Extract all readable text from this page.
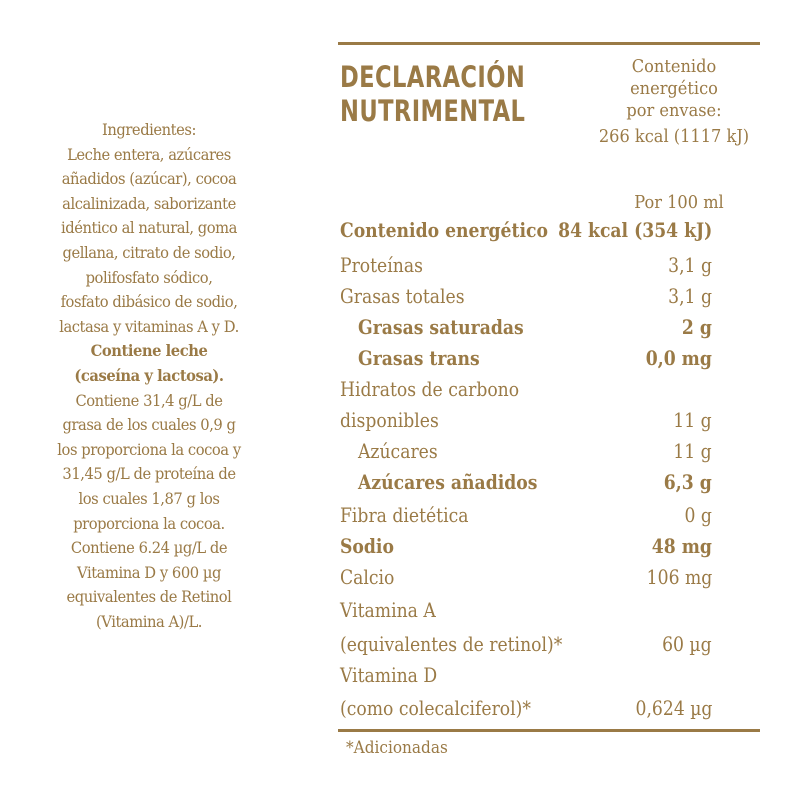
Ingredientes:
Leche entera, azúcares
añadidos (azúcar), cocoa
alcalinizada, saborizante
idéntico al natural, goma
gellana, citrato de sodio,
polifosfato sódico,
fosfato dibásico de sodio,
lactasa y vitaminas A y D.
Contiene leche
(caseína y lactosa).
Contiene 31,4 g/L de
grasa de los cuales 0,9 g
los proporciona la cocoa y
31,45 g/L de proteína de
los cuales 1,87 g los
proporciona la cocoa.
Contiene 6.24 µg/L de
Vitamina D y 600 µg
equivalentes de Retinol
(Vitamina A)/L.
DECLARACIÓN
NUTRIMENTAL
Contenido
energético
por envase:
266 kcal (1117 kJ)
Por 100 ml
Contenido energético 84 kcal (354 kJ)
Proteínas	3,1 g
Grasas totales	3,1 g
Grasas saturadas	2 g
Grasas trans	0,0 mg
Hidratos de carbono
disponibles	11 g
Azúcares	11 g
Azúcares añadidos	6,3 g
Fibra dietética	0 g
Sodio	48 mg
Calcio	106 mg
Vitamina A
(equivalentes de retinol)*	60 µg
Vitamina D
(como colecalciferol)*	0,624 µg
*Adicionadas
